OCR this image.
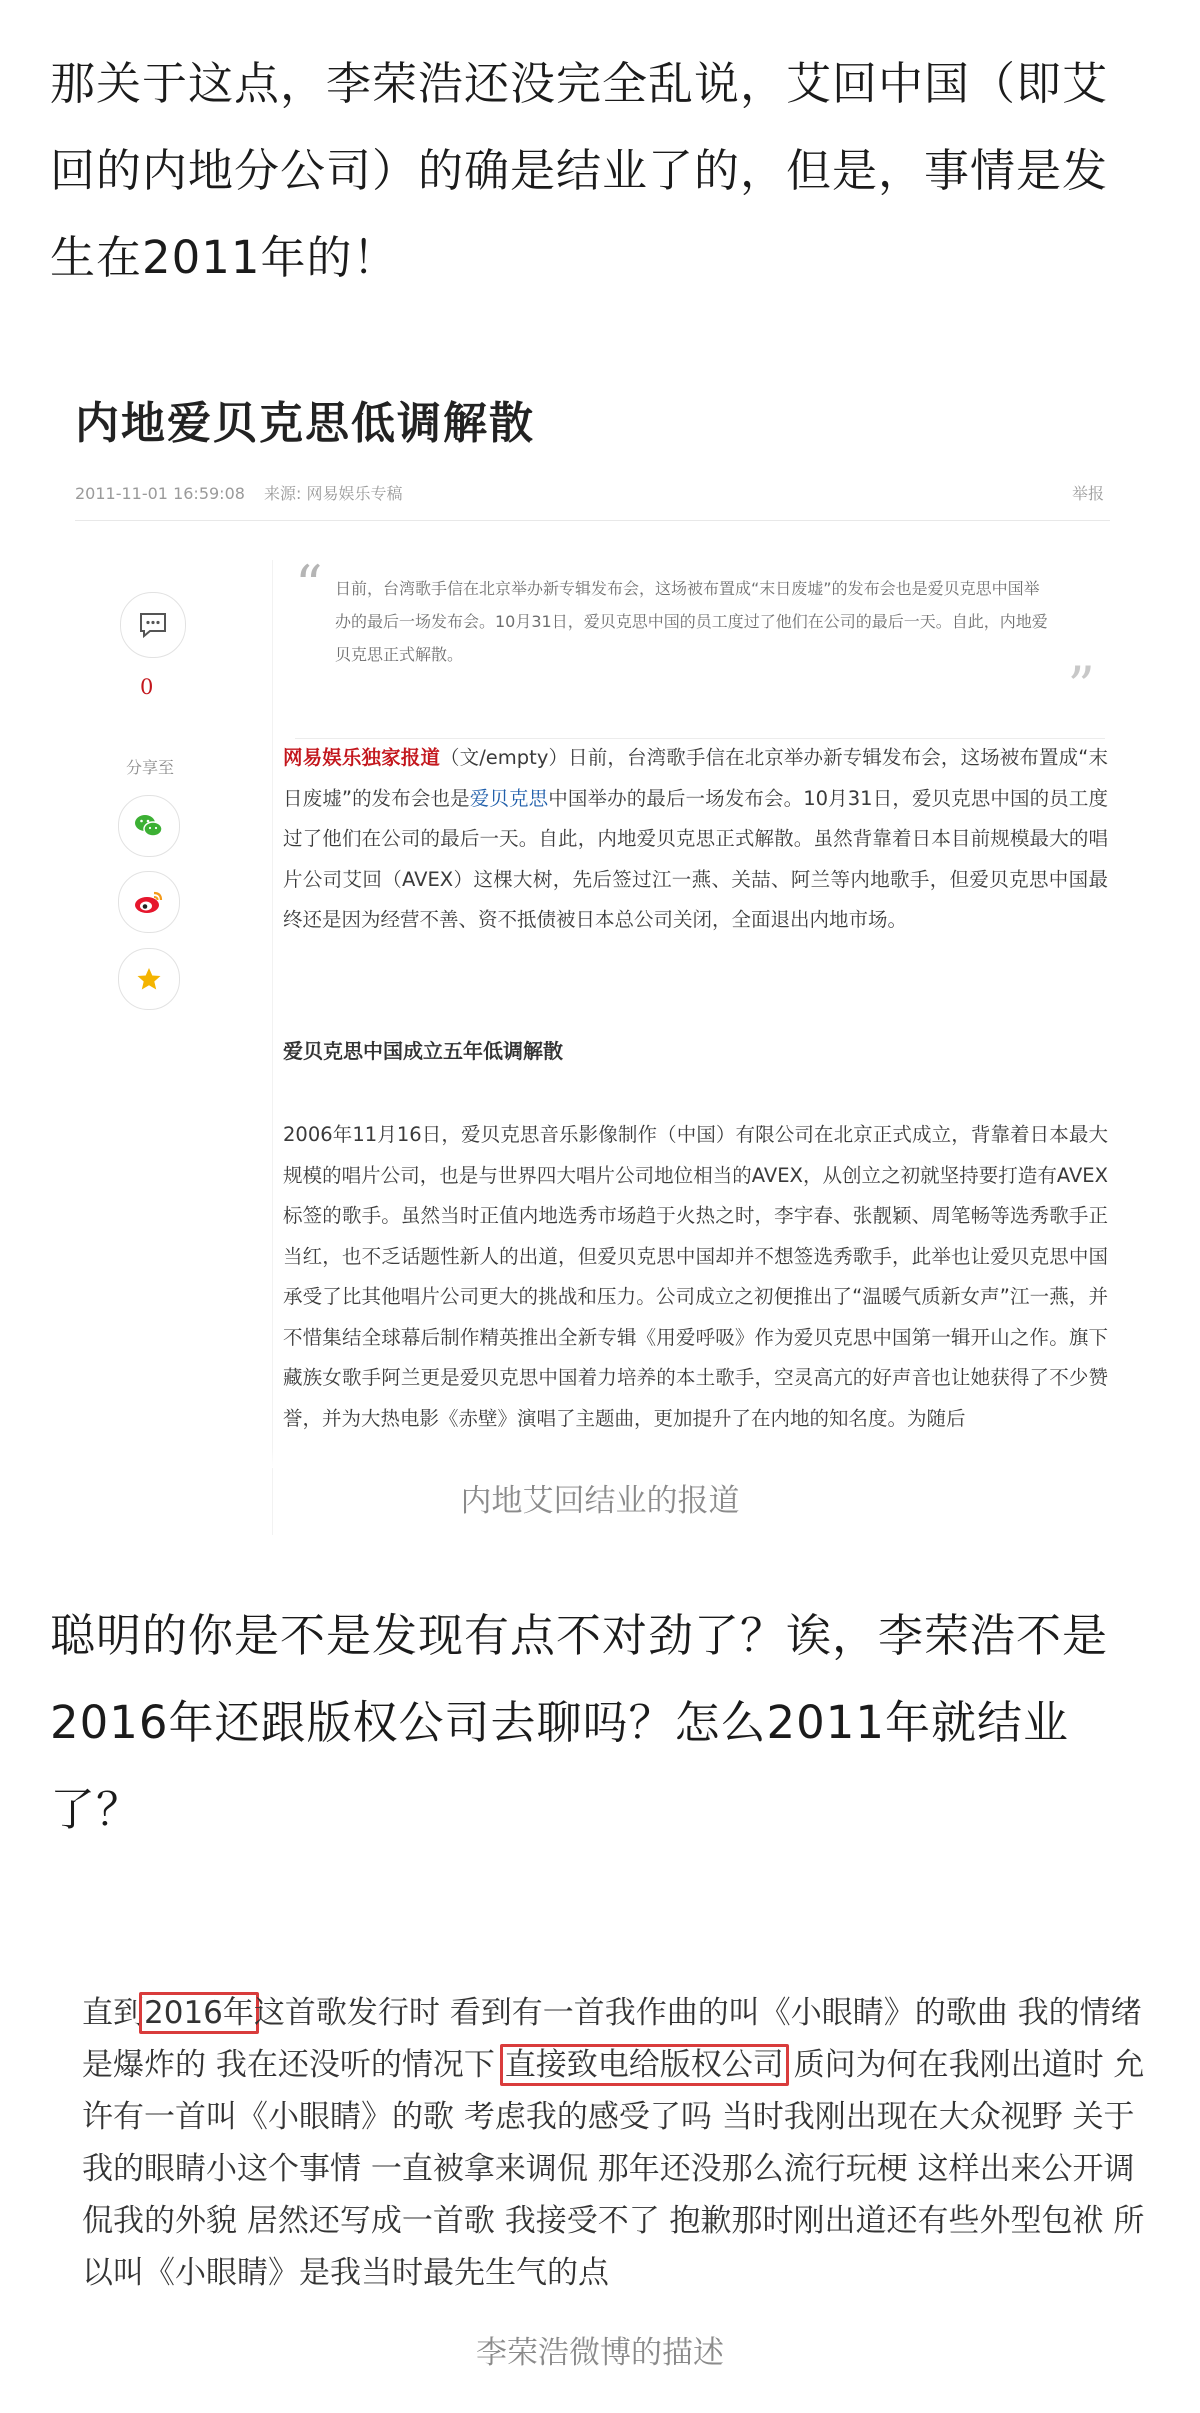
那关于这点，李荣浩还没完全乱说，艾回中国（即艾回的内地分公司）的确是结业了的，但是，事情是发生在2011年的！
内地爱贝克思低调解散
2011-11-01 16:59:08 来源: 网易娱乐专稿	举报
0
分享至
“ 日前，台湾歌手信在北京举办新专辑发布会，这场被布置成“末日废墟”的发布会也是爱贝克思中国举办的最后一场发布会。10月31日，爱贝克思中国的员工度过了他们在公司的最后一天。自此，内地爱贝克思正式解散。
”
网易娱乐独家报道（文/empty）日前，台湾歌手信在北京举办新专辑发布会，这场被布置成“末日废墟”的发布会也是爱贝克思中国举办的最后一场发布会。10月31日，爱贝克思中国的员工度过了他们在公司的最后一天。自此，内地爱贝克思正式解散。虽然背靠着日本目前规模最大的唱片公司艾回（AVEX）这棵大树，先后签过江一燕、关喆、阿兰等内地歌手，但爱贝克思中国最终还是因为经营不善、资不抵债被日本总公司关闭，全面退出内地市场。
爱贝克思中国成立五年低调解散
2006年11月16日，爱贝克思音乐影像制作（中国）有限公司在北京正式成立，背靠着日本最大规模的唱片公司，也是与世界四大唱片公司地位相当的AVEX，从创立之初就坚持要打造有AVEX标签的歌手。虽然当时正值内地选秀市场趋于火热之时，李宇春、张靓颖、周笔畅等选秀歌手正当红，也不乏话题性新人的出道，但爱贝克思中国却并不想签选秀歌手，此举也让爱贝克思中国承受了比其他唱片公司更大的挑战和压力。公司成立之初便推出了“温暖气质新女声”江一燕，并不惜集结全球幕后制作精英推出全新专辑《用爱呼吸》作为爱贝克思中国第一辑开山之作。旗下藏族女歌手阿兰更是爱贝克思中国着力培养的本土歌手，空灵高亢的好声音也让她获得了不少赞誉，并为大热电影《赤壁》演唱了主题曲，更加提升了在内地的知名度。为随后
内地艾回结业的报道
聪明的你是不是发现有点不对劲了？诶，李荣浩不是2016年还跟版权公司去聊吗？怎么2011年就结业了？
直到2016年这首歌发行时 看到有一首我作曲的叫《小眼睛》的歌曲 我的情绪是爆炸的 我在还没听的情况下 直接致电给版权公司 质问为何在我刚出道时 允许有一首叫《小眼睛》的歌 考虑我的感受了吗 当时我刚出现在大众视野 关于我的眼睛小这个事情 一直被拿来调侃 那年还没那么流行玩梗 这样出来公开调侃我的外貌 居然还写成一首歌 我接受不了 抱歉那时刚出道还有些外型包袱 所以叫《小眼睛》是我当时最先生气的点
李荣浩微博的描述
